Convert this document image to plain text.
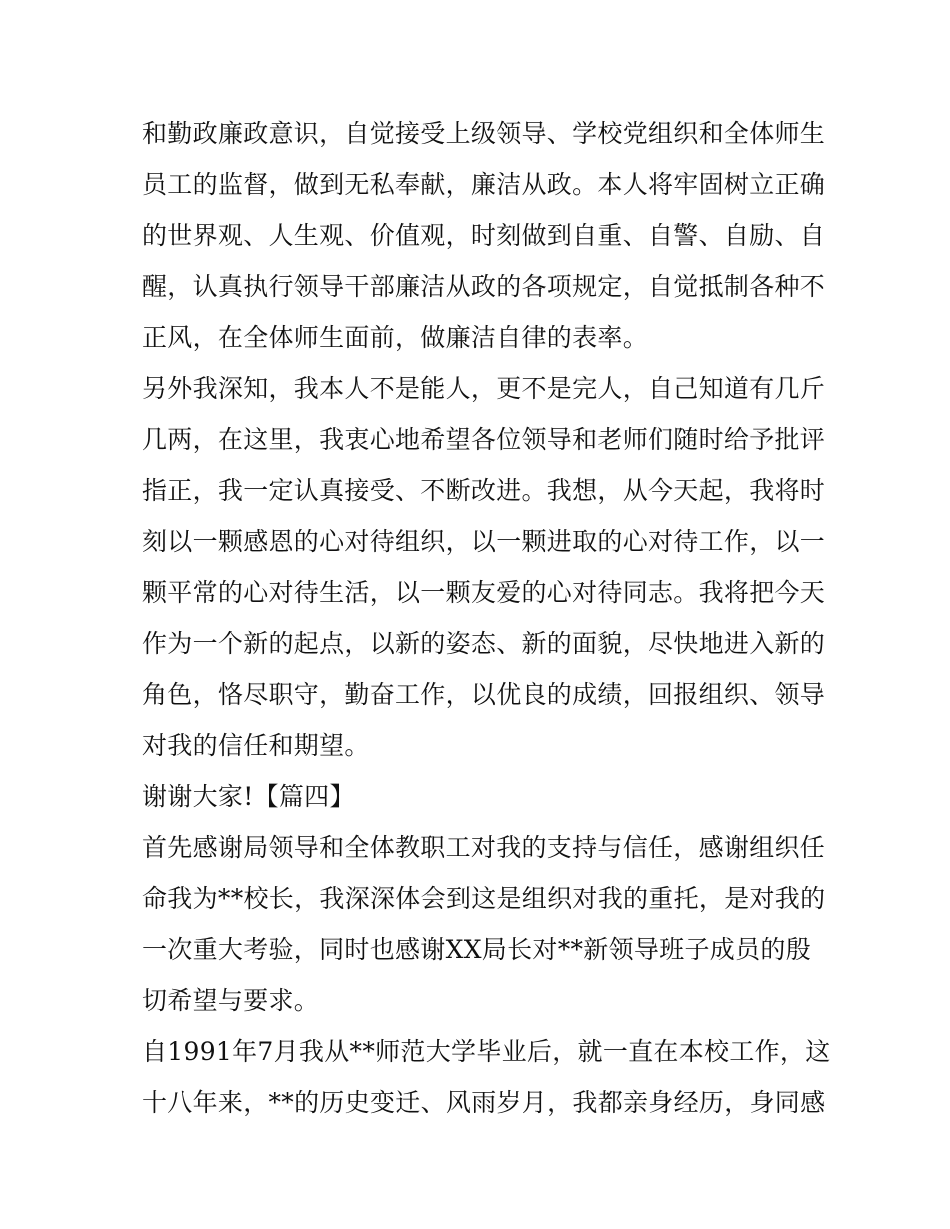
和勤政廉政意识，自觉接受上级领导、学校党组织和全体师生
员工的监督，做到无私奉献，廉洁从政。本人将牢固树立正确
的世界观、人生观、价值观，时刻做到自重、自警、自励、自
醒，认真执行领导干部廉洁从政的各项规定，自觉抵制各种不
正风，在全体师生面前，做廉洁自律的表率。
另外我深知，我本人不是能人，更不是完人，自己知道有几斤
几两，在这里，我衷心地希望各位领导和老师们随时给予批评
指正，我一定认真接受、不断改进。我想，从今天起，我将时
刻以一颗感恩的心对待组织，以一颗进取的心对待工作，以一
颗平常的心对待生活，以一颗友爱的心对待同志。我将把今天
作为一个新的起点，以新的姿态、新的面貌，尽快地进入新的
角色，恪尽职守，勤奋工作，以优良的成绩，回报组织、领导
对我的信任和期望。
谢谢大家!【篇四】
首先感谢局领导和全体教职工对我的支持与信任，感谢组织任
命我为**校长，我深深体会到这是组织对我的重托，是对我的
一次重大考验，同时也感谢XX局长对**新领导班子成员的殷
切希望与要求。
自1991年7月我从**师范大学毕业后，就一直在本校工作，这
十八年来，**的历史变迁、风雨岁月，我都亲身经历，身同感
